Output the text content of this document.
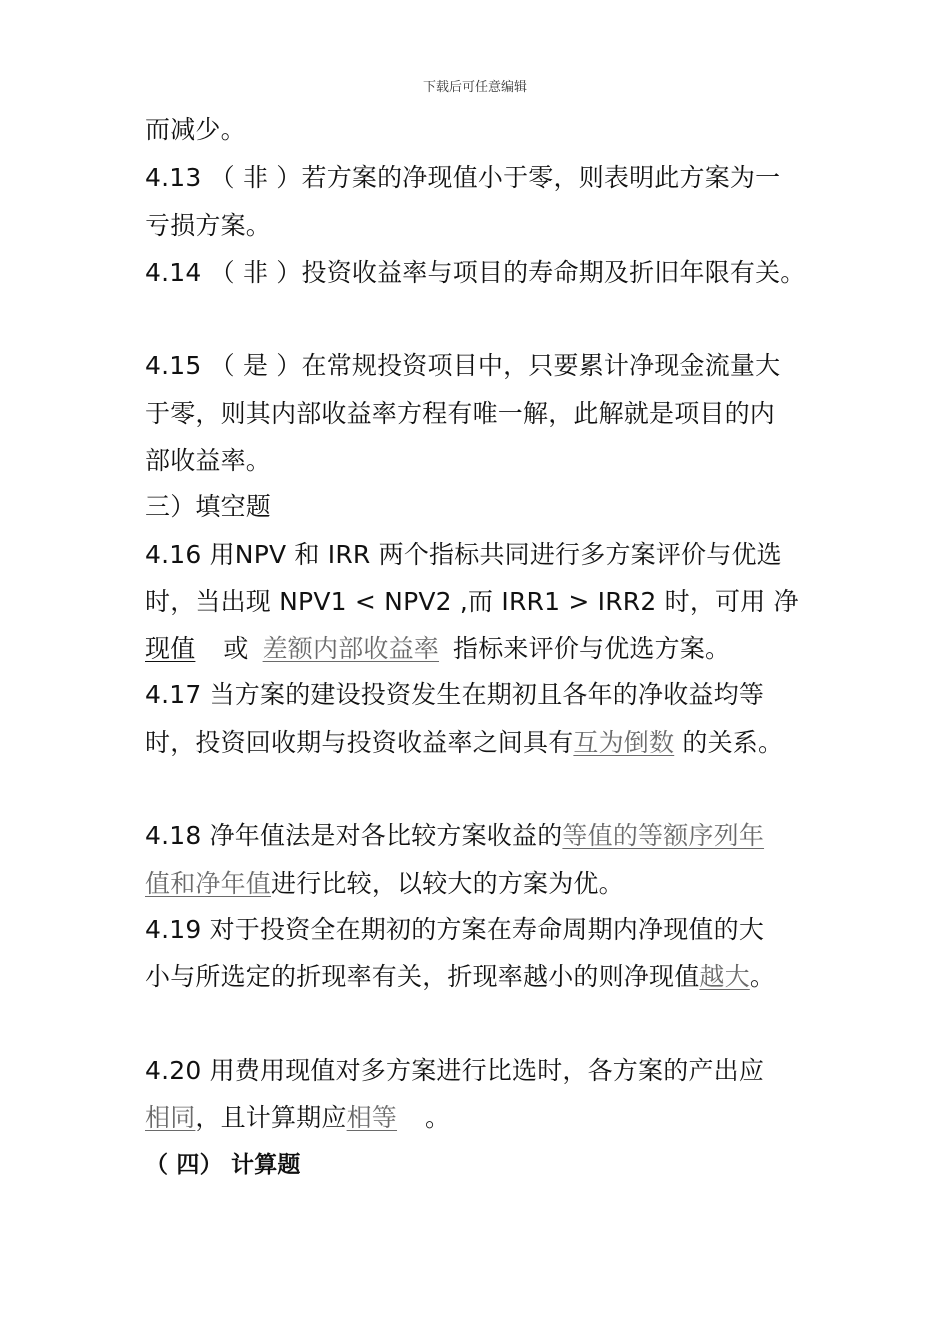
下载后可任意编辑
而减少。
4.13 （ 非 ）若方案的净现值小于零，则表明此方案为一
亏损方案。
4.14 （ 非 ）投资收益率与项目的寿命期及折旧年限有关。
4.15 （ 是 ）在常规投资项目中，只要累计净现金流量大
于零，则其内部收益率方程有唯一解，此解就是项目的内
部收益率。
三）填空题
4.16 用NPV 和 IRR 两个指标共同进行多方案评价与优选
时，当出现 NPV1 < NPV2 ,而 IRR1 > IRR2 时，可用 净
现值 或 差额内部收益率 指标来评价与优选方案。
4.17 当方案的建设投资发生在期初且各年的净收益均等
时，投资回收期与投资收益率之间具有互为倒数 的关系。
4.18 净年值法是对各比较方案收益的等值的等额序列年
值和净年值进行比较，以较大的方案为优。
4.19 对于投资全在期初的方案在寿命周期内净现值的大
小与所选定的折现率有关，折现率越小的则净现值越大。
4.20 用费用现值对多方案进行比选时，各方案的产出应
相同，且计算期应相等 。
（ 四） 计算题
